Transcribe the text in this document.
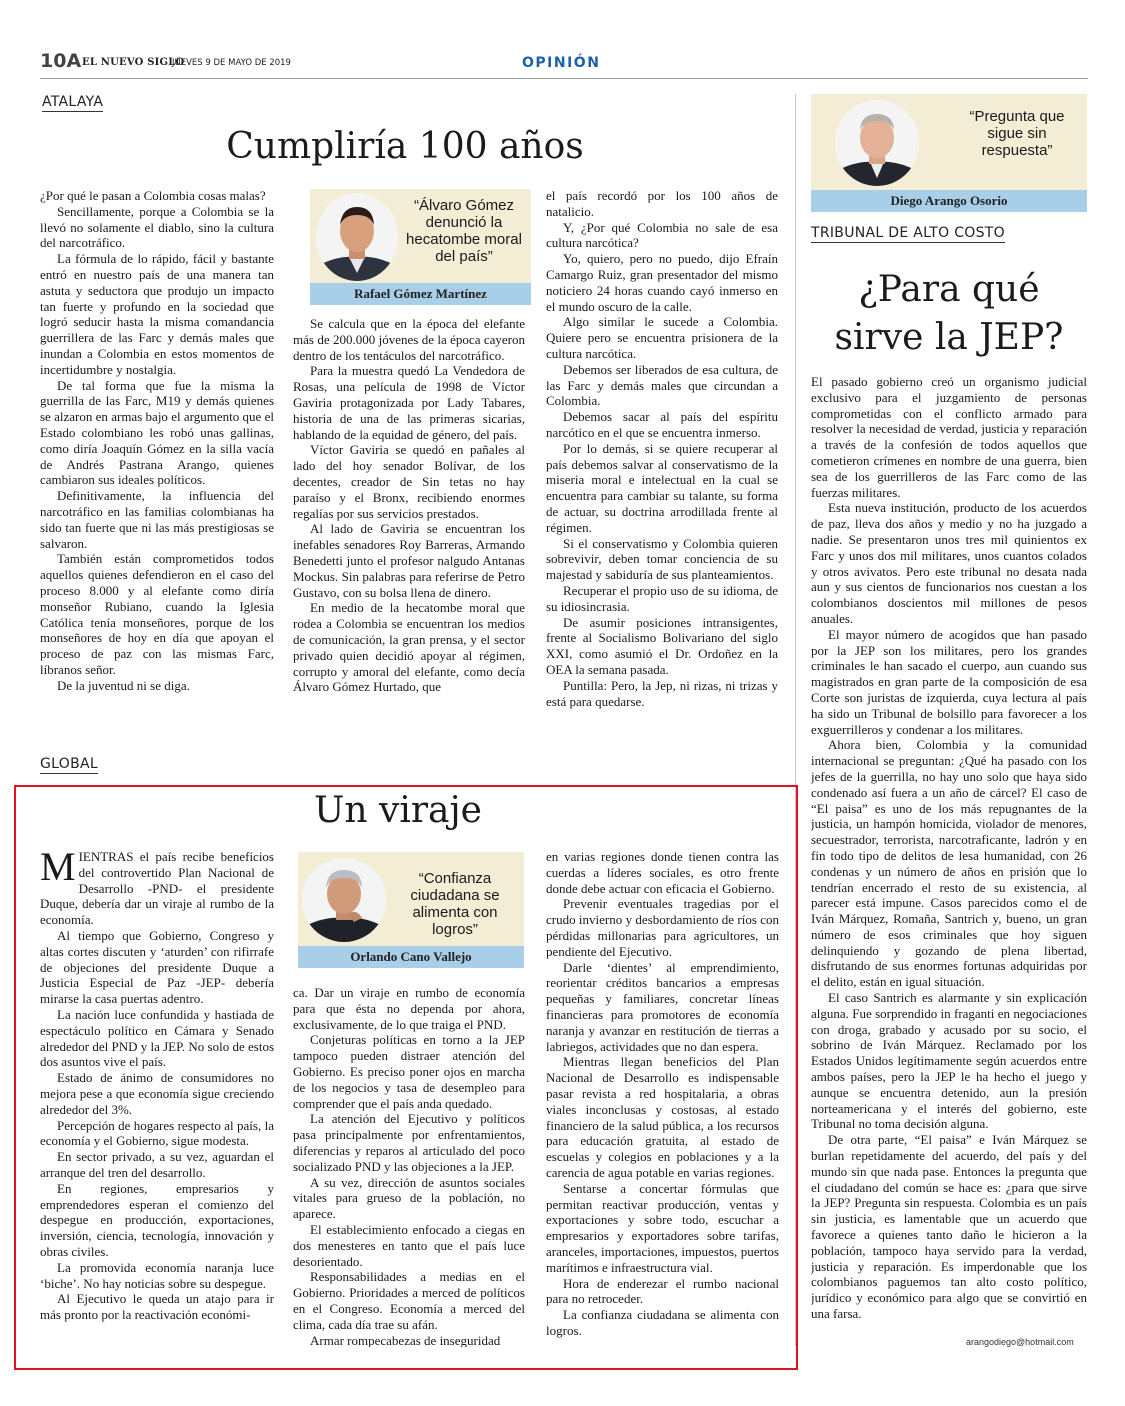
10A EL NUEVO SIGLO
JUEVES 9 DE MAYO DE 2019	OPINIÓN
ATALAYA
Cumpliría 100 años

¿Por qué le pasan a Colombia cosas malas?

Sencillamente, porque a Colombia se la llevó no solamente el diablo, sino la cultura del narcotráfico.

La fórmula de lo rápido, fácil y bastante entró en nuestro país de una manera tan astuta y seductora que produjo un impacto tan fuerte y profundo en la sociedad que logró seducir hasta la misma comandancia guerrillera de las Farc y demás males que inundan a Colombia en estos momentos de incertidumbre y nostalgia.

De tal forma que fue la misma la guerrilla de las Farc, M19 y demás quienes se alzaron en armas bajo el argumento que el Estado colombiano les robó unas gallinas, como diría Joaquín Gómez en la silla vacía de Andrés Pastrana Arango, quienes cambiaron sus ideales políticos.

Definitivamente, la influencia del narcotráfico en las familias colombianas ha sido tan fuerte que ni las más prestigiosas se salvaron.

También están comprometidos todos aquellos quienes defendieron en el caso del proceso 8.000 y al elefante como diría monseñor Rubiano, cuando la Iglesia Católica tenía monseñores, porque de los monseñores de hoy en día que apoyan el proceso de paz con las mismas Farc, líbranos señor.

De la juventud ni se diga.

“Álvaro Gómez denunció la hecatombe moral del país”
Rafael Gómez Martínez

Se calcula que en la época del elefante más de 200.000 jóvenes de la época cayeron dentro de los tentáculos del narcotráfico.

Para la muestra quedó La Vendedora de Rosas, una película de 1998 de Víctor Gaviria protagonizada por Lady Tabares, historia de una de las primeras sicarias, hablando de la equidad de género, del país.

Víctor Gaviria se quedó en pañales al lado del hoy senador Bolívar, de los decentes, creador de Sin tetas no hay paraíso y el Bronx, recibiendo enormes regalías por sus servicios prestados.

Al lado de Gaviria se encuentran los inefables senadores Roy Barreras, Armando Benedetti junto el profesor nalgudo Antanas Mockus. Sin palabras para referirse de Petro Gustavo, con su bolsa llena de dinero.

En medio de la hecatombe moral que rodea a Colombia se encuentran los medios de comunicación, la gran prensa, y el sector privado quien decidió apoyar al régimen, corrupto y amoral del elefante, como decía Álvaro Gómez Hurtado, que

el país recordó por los 100 años de natalicio.

Y, ¿Por qué Colombia no sale de esa cultura narcótica?

Yo, quiero, pero no puedo, dijo Efraín Camargo Ruiz, gran presentador del mismo noticiero 24 horas cuando cayó inmerso en el mundo oscuro de la calle.

Algo similar le sucede a Colombia. Quiere pero se encuentra prisionera de la cultura narcótica.

Debemos ser liberados de esa cultura, de las Farc y demás males que circundan a Colombia.

Debemos sacar al país del espíritu narcótico en el que se encuentra inmerso.

Por lo demás, si se quiere recuperar al país debemos salvar al conservatismo de la miseria moral e intelectual en la cual se encuentra para cambiar su talante, su forma de actuar, su doctrina arrodillada frente al régimen.

Si el conservatismo y Colombia quieren sobrevivir, deben tomar conciencia de su majestad y sabiduría de sus planteamientos.

Recuperar el propio uso de su idioma, de su idiosincrasia.

De asumir posiciones intransigentes, frente al Socialismo Bolivariano del siglo XXI, como asumió el Dr. Ordoñez en la OEA la semana pasada.

Puntilla: Pero, la Jep, ni rizas, ni trizas y está para quedarse.

GLOBAL
Un viraje

MIENTRAS el país recibe beneficios del controvertido Plan Nacional de Desarrollo -PND- el presidente Duque, debería dar un viraje al rumbo de la economía.

Al tiempo que Gobierno, Congreso y altas cortes discuten y ‘aturden’ con rifirrafe de objeciones del presidente Duque a Justicia Especial de Paz -JEP- debería mirarse la casa puertas adentro.

La nación luce confundida y hastiada de espectáculo político en Cámara y Senado alrededor del PND y la JEP. No solo de estos dos asuntos vive el país.

Estado de ánimo de consumidores no mejora pese a que economía sigue creciendo alrededor del 3%.

Percepción de hogares respecto al país, la economía y el Gobierno, sigue modesta.

En sector privado, a su vez, aguardan el arranque del tren del desarrollo.

En regiones, empresarios y emprendedores esperan el comienzo del despegue en producción, exportaciones, inversión, ciencia, tecnología, innovación y obras civiles.

La promovida economía naranja luce ‘biche’. No hay noticias sobre su despegue.

Al Ejecutivo le queda un atajo para ir más pronto por la reactivación económi-

“Confianza ciudadana se alimenta con logros”
Orlando Cano Vallejo

ca. Dar un viraje en rumbo de economía para que ésta no dependa por ahora, exclusivamente, de lo que traiga el PND.

Conjeturas políticas en torno a la JEP tampoco pueden distraer atención del Gobierno. Es preciso poner ojos en marcha de los negocios y tasa de desempleo para comprender que el país anda quedado.

La atención del Ejecutivo y políticos pasa principalmente por enfrentamientos, diferencias y reparos al articulado del poco socializado PND y las objeciones a la JEP.

A su vez, dirección de asuntos sociales vitales para grueso de la población, no aparece.

El establecimiento enfocado a ciegas en dos menesteres en tanto que el país luce desorientado.

Responsabilidades a medias en el Gobierno. Prioridades a merced de políticos en el Congreso. Economía a merced del clima, cada día trae su afán.

Armar rompecabezas de inseguridad

en varias regiones donde tienen contra las cuerdas a líderes sociales, es otro frente donde debe actuar con eficacia el Gobierno.

Prevenir eventuales tragedias por el crudo invierno y desbordamiento de ríos con pérdidas millonarias para agricultores, un pendiente del Ejecutivo.

Darle ‘dientes’ al emprendimiento, reorientar créditos bancarios a empresas pequeñas y familiares, concretar líneas financieras para promotores de economía naranja y avanzar en restitución de tierras a labriegos, actividades que no dan espera.

Mientras llegan beneficios del Plan Nacional de Desarrollo es indispensable pasar revista a red hospitalaria, a obras viales inconclusas y costosas, al estado financiero de la salud pública, a los recursos para educación gratuita, al estado de escuelas y colegios en poblaciones y a la carencia de agua potable en varias regiones.

Sentarse a concertar fórmulas que permitan reactivar producción, ventas y exportaciones y sobre todo, escuchar a empresarios y exportadores sobre tarifas, aranceles, importaciones, impuestos, puertos marítimos e infraestructura vial.

Hora de enderezar el rumbo nacional para no retroceder.

La confianza ciudadana se alimenta con logros.

“Pregunta que sigue sin respuesta”
Diego Arango Osorio
TRIBUNAL DE ALTO COSTO
¿Para qué
sirve la JEP?

El pasado gobierno creó un organismo judicial exclusivo para el juzgamiento de personas comprometidas con el conflicto armado para resolver la necesidad de verdad, justicia y reparación a través de la confesión de todos aquellos que cometieron crímenes en nombre de una guerra, bien sea de los guerrilleros de las Farc como de las fuerzas militares.

Esta nueva institución, producto de los acuerdos de paz, lleva dos años y medio y no ha juzgado a nadie. Se presentaron unos tres mil quinientos ex Farc y unos dos mil militares, unos cuantos colados y otros avivatos. Pero este tribunal no desata nada aun y sus cientos de funcionarios nos cuestan a los colombianos doscientos mil millones de pesos anuales.

El mayor número de acogidos que han pasado por la JEP son los militares, pero los grandes criminales le han sacado el cuerpo, aun cuando sus magistrados en gran parte de la composición de esa Corte son juristas de izquierda, cuya lectura al país ha sido un Tribunal de bolsillo para favorecer a los exguerrilleros y condenar a los militares.

Ahora bien, Colombia y la comunidad internacional se preguntan: ¿Qué ha pasado con los jefes de la guerrilla, no hay uno solo que haya sido condenado así fuera a un año de cárcel? El caso de “El paisa” es uno de los más repugnantes de la justicia, un hampón homicida, violador de menores, secuestrador, terrorista, narcotraficante, ladrón y en fin todo tipo de delitos de lesa humanidad, con 26 condenas y un número de años en prisión que lo tendrían encerrado el resto de su existencia, al parecer está impune. Casos parecidos como el de Iván Márquez, Romaña, Santrich y, bueno, un gran número de esos criminales que hoy siguen delinquiendo y gozando de plena libertad, disfrutando de sus enormes fortunas adquiridas por el delito, están en igual situación.

El caso Santrich es alarmante y sin explicación alguna. Fue sorprendido in fraganti en negociaciones con droga, grabado y acusado por su socio, el sobrino de Iván Márquez. Reclamado por los Estados Unidos legítimamente según acuerdos entre ambos países, pero la JEP le ha hecho el juego y aunque se encuentra detenido, aun la presión norteamericana y el interés del gobierno, este Tribunal no toma decisión alguna.

De otra parte, “El paisa” e Iván Márquez se burlan repetidamente del acuerdo, del país y del mundo sin que nada pase. Entonces la pregunta que el ciudadano del común se hace es: ¿para que sirve la JEP? Pregunta sin respuesta. Colombia es un país sin justicia, es lamentable que un acuerdo que favorece a quienes tanto daño le hicieron a la población, tampoco haya servido para la verdad, justicia y reparación. Es imperdonable que los colombianos paguemos tan alto costo político, jurídico y económico para algo que se convirtió en una farsa.

arangodiego@hotmail.com
